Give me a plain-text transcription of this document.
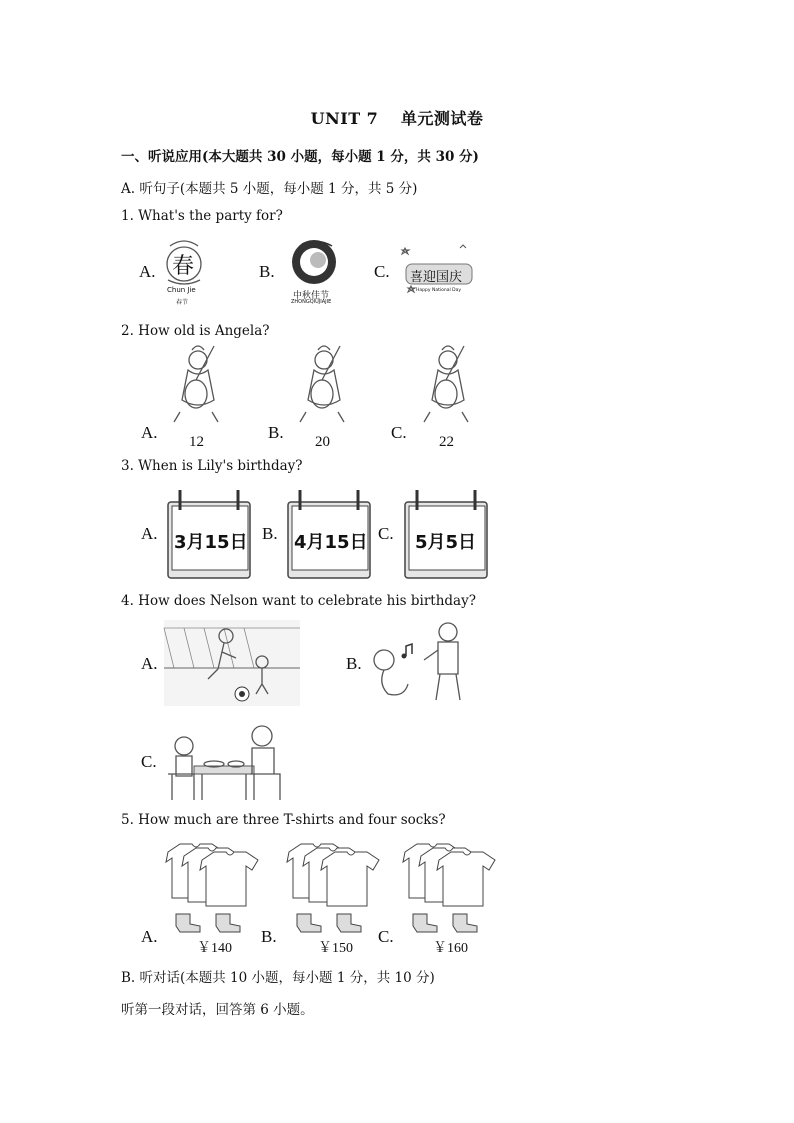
UNIT 7　 单元测试卷
一、听说应用(本大题共 30 小题，每小题 1 分，共 30 分)
A. 听句子(本题共 5 小题，每小题 1 分，共 5 分)
1. What's the party for?
A.	B.	C.
春
Chun Jie
春节
中秋佳节
ZHONGQIUJIAJIE
喜迎国庆
Happy National Day
2. How old is Angela?
A.	B.	C.
12	20	22
3. When is Lily's birthday?
A.	B.	C.
3月15日	4月15日	5月5日
4. How does Nelson want to celebrate his birthday?
A.	B.
C.
5. How much are three T-shirts and four socks?
A.	B.	C.
￥140	￥150	￥160
B. 听对话(本题共 10 小题，每小题 1 分，共 10 分)
听第一段对话，回答第 6 小题。
